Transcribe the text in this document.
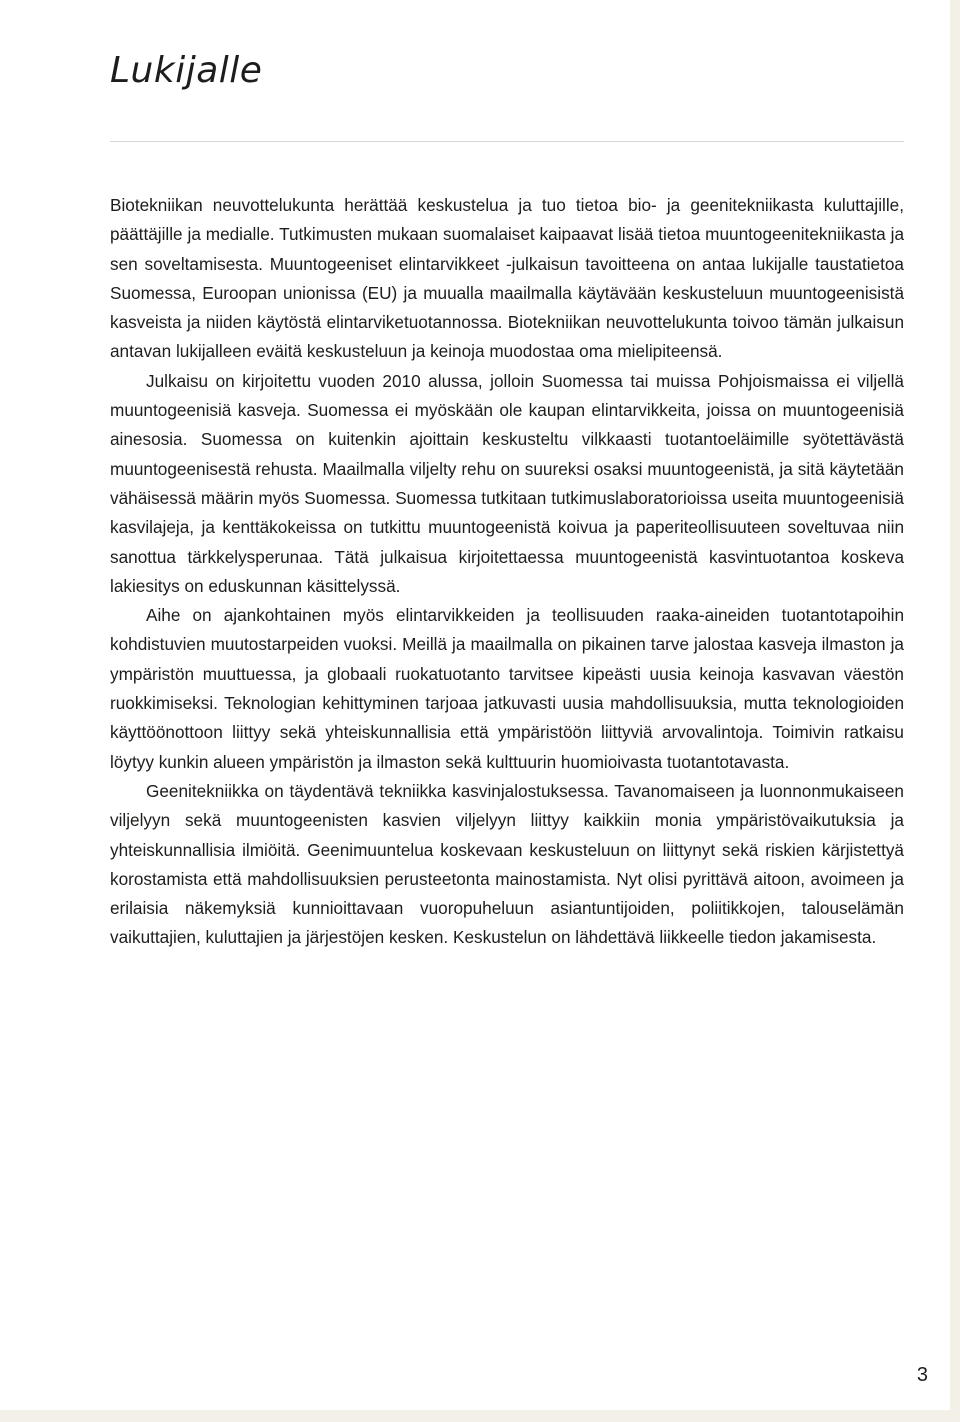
Lukijalle

Biotekniikan neuvottelukunta herättää keskustelua ja tuo tietoa bio- ja geenitekniikasta kuluttajille, päättäjille ja medialle. Tutkimusten mukaan suomalaiset kaipaavat lisää tietoa muuntogeenitekniikasta ja sen soveltamisesta. Muuntogeeniset elintarvikkeet -julkaisun tavoitteena on antaa lukijalle taustatietoa Suomessa, Euroopan unionissa (EU) ja muualla maailmalla käytävään keskusteluun muuntogeenisistä kasveista ja niiden käytöstä elintarviketuotannossa. Biotekniikan neuvottelukunta toivoo tämän julkaisun antavan lukijalleen eväitä keskusteluun ja keinoja muodostaa oma mielipiteensä.

Julkaisu on kirjoitettu vuoden 2010 alussa, jolloin Suomessa tai muissa Pohjoismaissa ei viljellä muuntogeenisiä kasveja. Suomessa ei myöskään ole kaupan elintarvikkeita, joissa on muuntogeenisiä ainesosia. Suomessa on kuitenkin ajoittain keskusteltu vilkkaasti tuotantoeläimille syötettävästä muuntogeenisestä rehusta. Maailmalla viljelty rehu on suureksi osaksi muuntogeenistä, ja sitä käytetään vähäisessä määrin myös Suomessa. Suomessa tutkitaan tutkimuslaboratorioissa useita muuntogeenisiä kasvilajeja, ja kenttäkokeissa on tutkittu muuntogeenistä koivua ja paperiteollisuuteen soveltuvaa niin sanottua tärkkelysperunaa. Tätä julkaisua kirjoitettaessa muuntogeenistä kasvintuotantoa koskeva lakiesitys on eduskunnan käsittelyssä.

Aihe on ajankohtainen myös elintarvikkeiden ja teollisuuden raaka-aineiden tuotantotapoihin kohdistuvien muutostarpeiden vuoksi. Meillä ja maailmalla on pikainen tarve jalostaa kasveja ilmaston ja ympäristön muuttuessa, ja globaali ruokatuotanto tarvitsee kipeästi uusia keinoja kasvavan väestön ruokkimiseksi. Teknologian kehittyminen tarjoaa jatkuvasti uusia mahdollisuuksia, mutta teknologioiden käyttöönottoon liittyy sekä yhteiskunnallisia että ympäristöön liittyviä arvovalintoja. Toimivin ratkaisu löytyy kunkin alueen ympäristön ja ilmaston sekä kulttuurin huomioivasta tuotantotavasta.

Geenitekniikka on täydentävä tekniikka kasvinjalostuksessa. Tavanomaiseen ja luonnonmukaiseen viljelyyn sekä muuntogeenisten kasvien viljelyyn liittyy kaikkiin monia ympäristövaikutuksia ja yhteiskunnallisia ilmiöitä. Geenimuuntelua koskevaan keskusteluun on liittynyt sekä riskien kärjistettyä korostamista että mahdollisuuksien perusteetonta mainostamista. Nyt olisi pyrittävä aitoon, avoimeen ja erilaisia näkemyksiä kunnioittavaan vuoropuheluun asiantuntijoiden, poliitikkojen, talouselämän vaikuttajien, kuluttajien ja järjestöjen kesken. Keskustelun on lähdettävä liikkeelle tiedon jakamisesta.

3
